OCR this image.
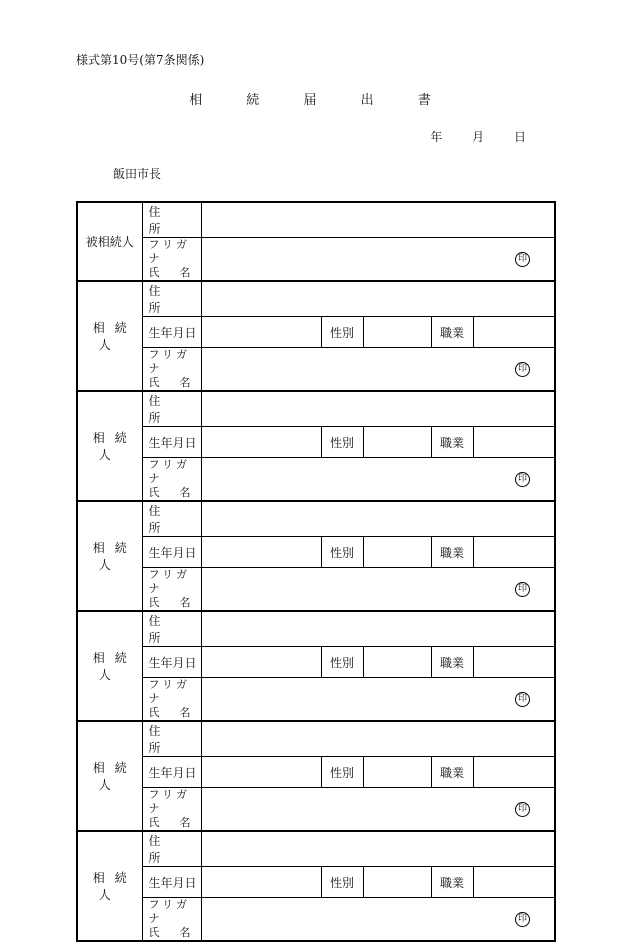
様式第10号(第7条関係)
相 続 届 出 書
年 月 日
飯田市長
被相続人	住所					

	フリガナ
氏名	印				

相続人	住所					
	生年月日		性別		職業	

	フリガナ
氏名	印				

相続人	住所					
	生年月日		性別		職業	

	フリガナ
氏名	印				

相続人	住所					
	生年月日		性別		職業	

	フリガナ
氏名	印				

相続人	住所					
	生年月日		性別		職業	

	フリガナ
氏名	印				

相続人	住所					
	生年月日		性別		職業	

	フリガナ
氏名	印				

相続人	住所					
	生年月日		性別		職業	

	フリガナ
氏名	印				
